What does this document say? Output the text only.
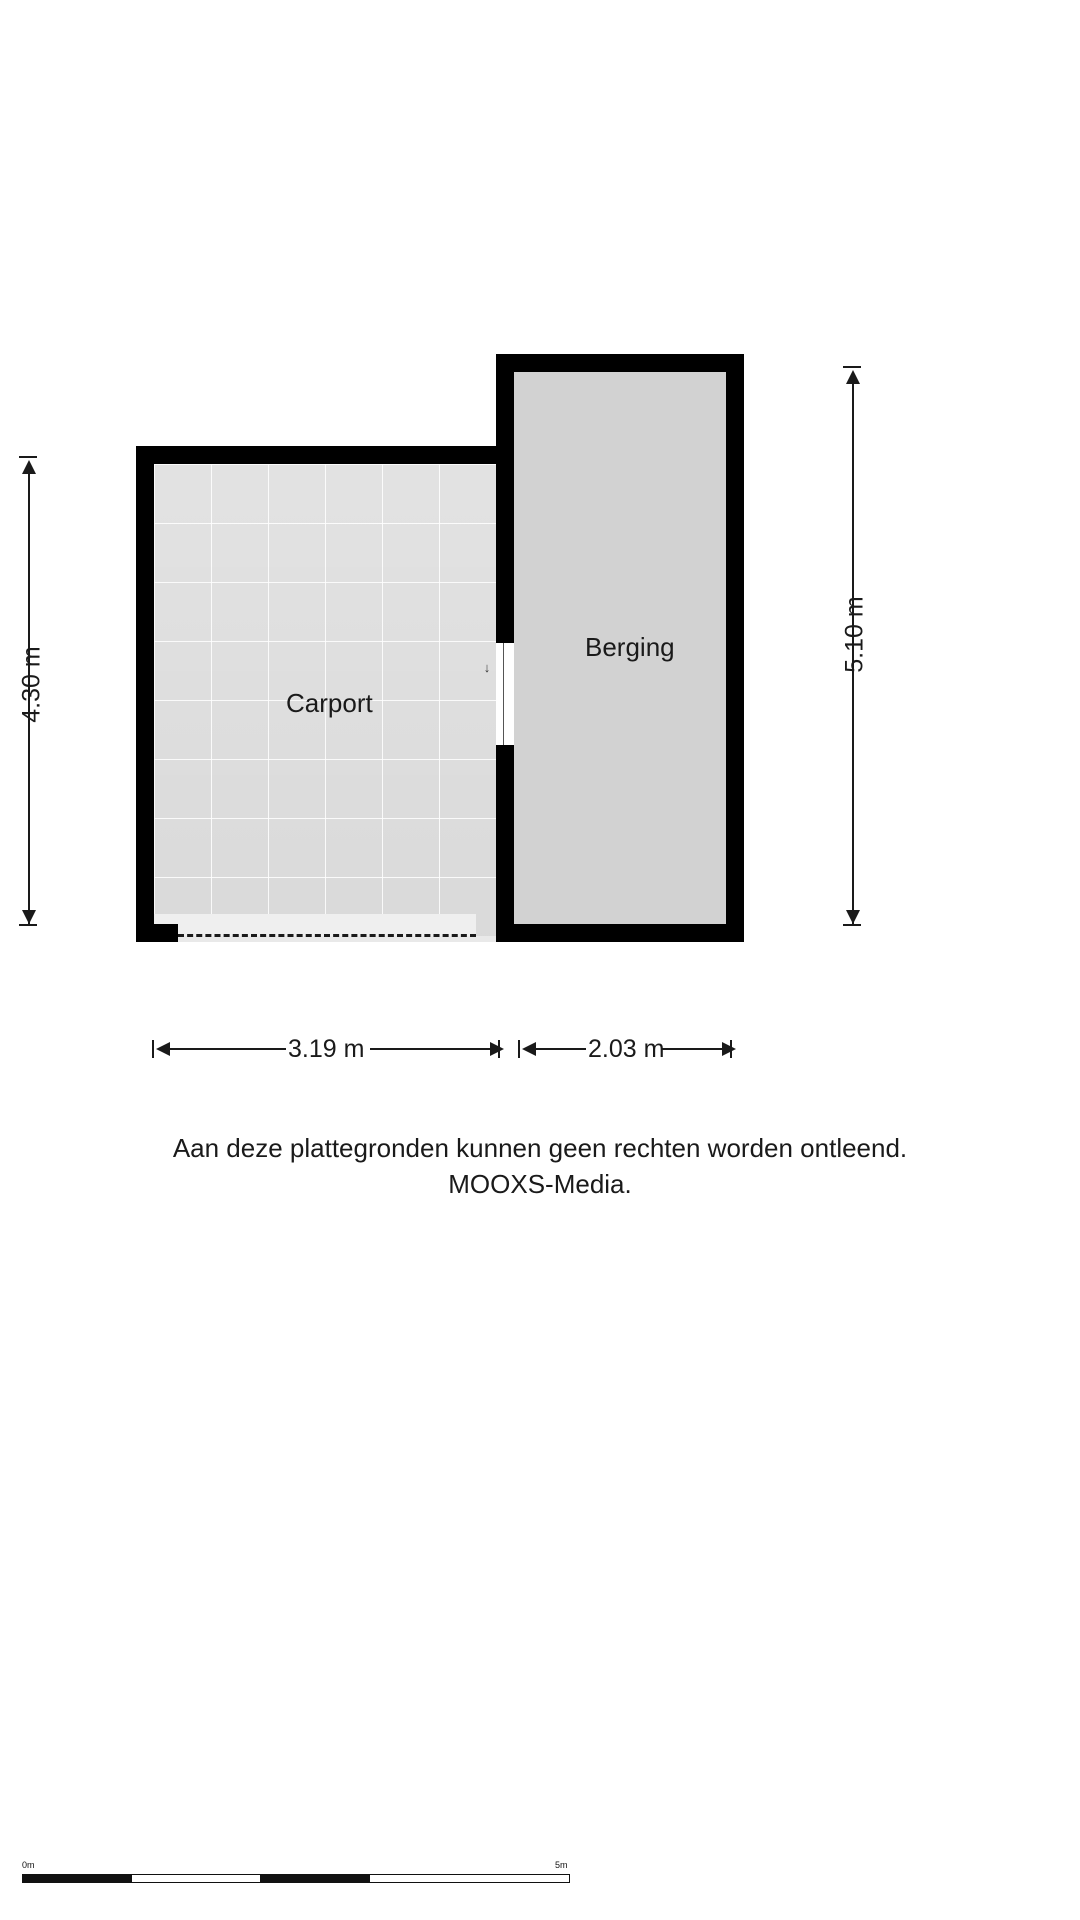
↓
Carport
Berging
4.30 m
5.10 m
3.19 m	2.03 m
Aan deze plattegronden kunnen geen rechten worden ontleend.
MOOXS-Media.
0m	5m
